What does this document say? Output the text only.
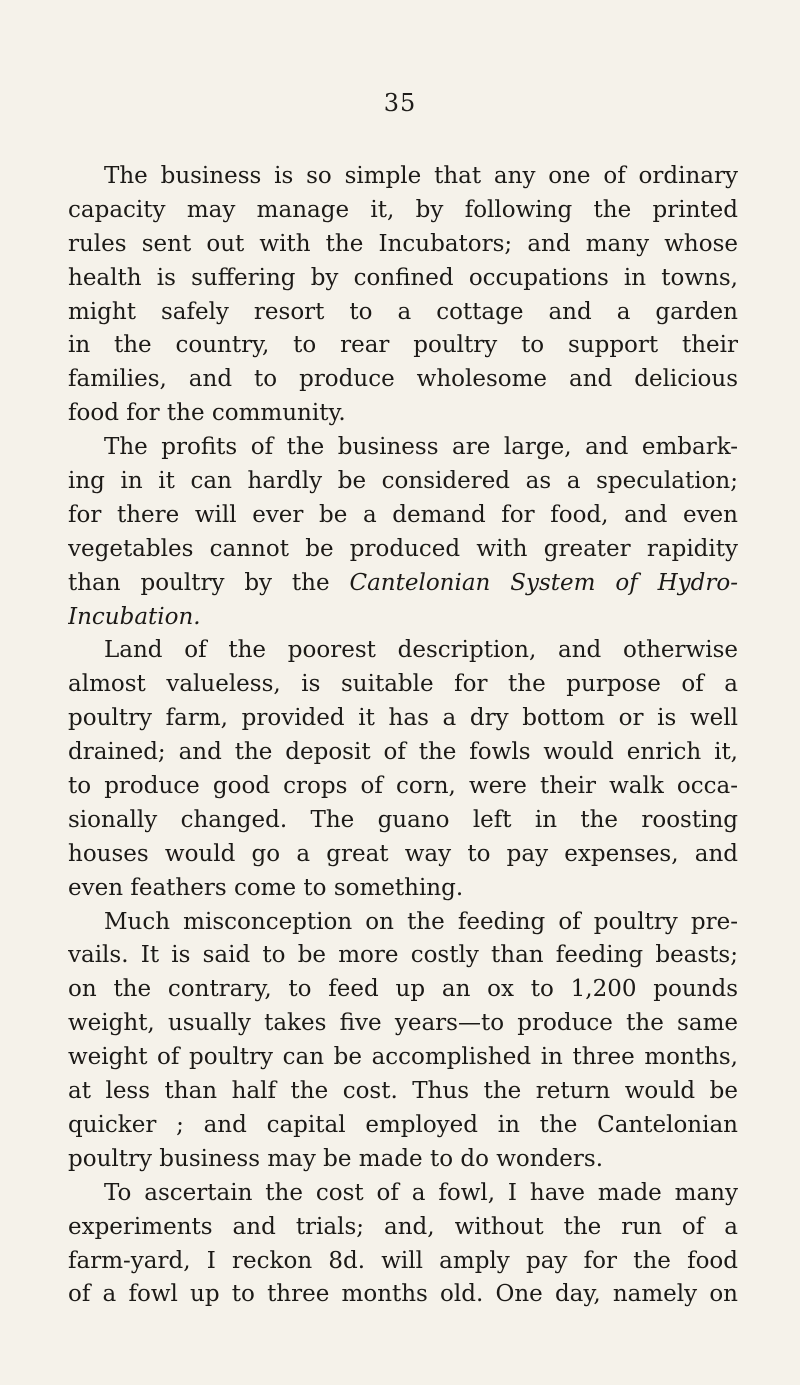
35
The business is so simple that any one of ordinary
capacity may manage it, by following the printed
rules sent out with the Incubators; and many whose
health is suffering by confined occupations in towns,
might safely resort to a cottage and a garden
in the country, to rear poultry to support their
families, and to produce wholesome and delicious
food for the community.
The profits of the business are large, and embark-
ing in it can hardly be considered as a speculation;
for there will ever be a demand for food, and even
vegetables cannot be produced with greater rapidity
than poultry by the Cantelonian System of Hydro-
Incubation.
Land of the poorest description, and otherwise
almost valueless, is suitable for the purpose of a
poultry farm, provided it has a dry bottom or is well
drained; and the deposit of the fowls would enrich it,
to produce good crops of corn, were their walk occa-
sionally changed. The guano left in the roosting
houses would go a great way to pay expenses, and
even feathers come to something.
Much misconception on the feeding of poultry pre-
vails. It is said to be more costly than feeding beasts;
on the contrary, to feed up an ox to 1,200 pounds
weight, usually takes five years—to produce the same
weight of poultry can be accomplished in three months,
at less than half the cost. Thus the return would be
quicker ; and capital employed in the Cantelonian
poultry business may be made to do wonders.
To ascertain the cost of a fowl, I have made many
experiments and trials; and, without the run of a
farm-yard, I reckon 8d. will amply pay for the food
of a fowl up to three months old. One day, namely on
